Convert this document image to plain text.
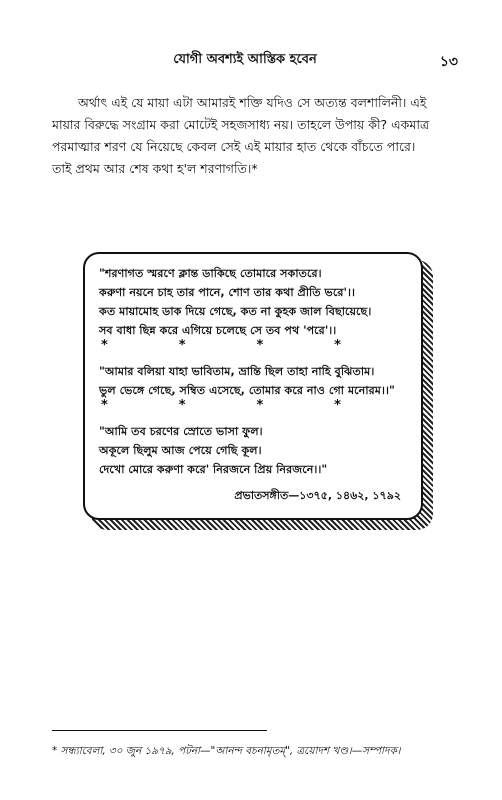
যোগী অবশ্যই আস্তিক হবেন	১৩
অর্থাৎ এই যে মায়া এটা আমারই শক্তি যদিও সে অত্যন্ত বলশালিনী। এই
মায়ার বিরুদ্ধে সংগ্রাম করা মোটেই সহজসাধ্য নয়। তাহলে উপায় কী? একমাত্র
পরমাত্মার শরণ যে নিয়েছে কেবল সেই এই মায়ার হাত থেকে বাঁচতে পারে।
তাই প্রথম আর শেষ কথা হ'ল শরণাগতি।*
"শরণাগত স্মরণে ক্লান্ত ডাকিছে তোমারে সকাতরে।
করুণা নয়নে চাহ তার পানে, শোণ তার কথা প্রীতি ভরে'।।
কত মায়ামোহ ডাক দিয়ে গেছে, কত না কুহক জাল বিছায়েছে।
সব বাধা ছিন্ন করে এগিয়ে চলেছে সে তব পথ 'পরে'।।
*	*	*	*
"আমার বলিয়া যাহা ভাবিতাম, ভ্রান্তি ছিল তাহা নাহি বুঝিতাম।
ভুল ভেঙ্গে গেছে, সম্বিত এসেছে, তোমার করে নাও গো মনোরম।।"
*	*	*	*
"আমি তব চরণের স্রোতে ভাসা ফুল।
অকূলে ছিলুম আজ পেয়ে গেছি কূল।
দেখো মোরে করুণা করে' নিরজনে প্রিয় নিরজনে।।"
প্রভাতসঙ্গীত—১৩৭৫, ১৪৬২, ১৭৯২
* সন্ধ্যাবেলা, ৩০ জুন ১৯৭৯, পটনা—"আনন্দ বচনামৃতম্", ত্রয়োদশ খণ্ড।—সম্পাদক।
